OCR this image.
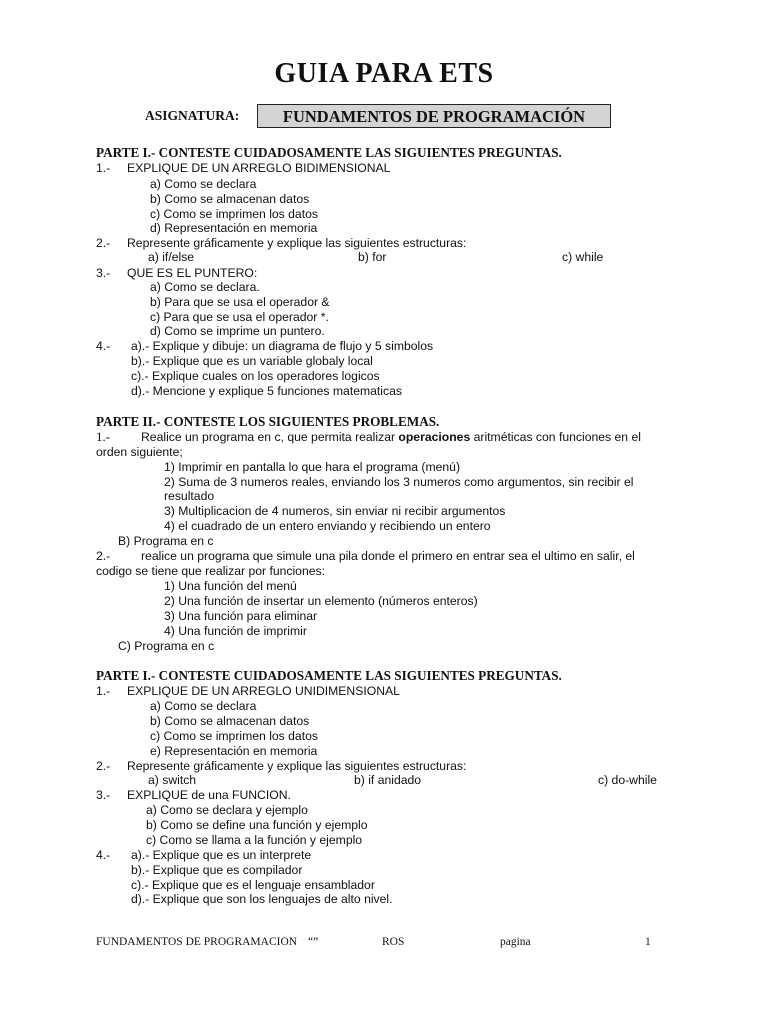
GUIA PARA ETS
ASIGNATURA:	FUNDAMENTOS DE PROGRAMACIÓN
PARTE I.- CONTESTE CUIDADOSAMENTE LAS SIGUIENTES PREGUNTAS.
1.- EXPLIQUE DE UN ARREGLO BIDIMENSIONAL
a) Como se declara
b) Como se almacenan datos
c) Como se imprimen los datos
d) Representación en memoria
2.- Represente gráficamente y explique las siguientes estructuras:
a) if/else	b) for	c) while
3.- QUE ES EL PUNTERO:
a) Como se declara.
b) Para que se usa el operador &
c) Para que se usa el operador *.
d) Como se imprime un puntero.
4.- a).- Explique y dibuje: un diagrama de flujo y 5 simbolos
b).- Explique que es un variable globaly local
c).- Explique cuales on los operadores logicos
d).- Mencione y explique 5 funciones matematicas
PARTE II.- CONTESTE LOS SIGUIENTES PROBLEMAS.
1.-	Realice un programa en c, que permita realizar operaciones aritméticas con funciones en el
orden siguiente;
1) Imprimir en pantalla lo que hara el programa (menú)
2) Suma de 3 numeros reales, enviando los 3 numeros como argumentos, sin recibir el
resultado
3) Multiplicacion de 4 numeros, sin enviar ni recibir argumentos
4) el cuadrado de un entero enviando y recibiendo un entero
B) Programa en c
2.-	realice un programa que simule una pila donde el primero en entrar sea el ultimo en salir, el
codigo se tiene que realizar por funciones:
1) Una función del menú
2) Una función de insertar un elemento (números enteros)
3) Una función para eliminar
4) Una función de imprimir
C) Programa en c
PARTE I.- CONTESTE CUIDADOSAMENTE LAS SIGUIENTES PREGUNTAS.
1.- EXPLIQUE DE UN ARREGLO UNIDIMENSIONAL
a) Como se declara
b) Como se almacenan datos
c) Como se imprimen los datos
e) Representación en memoria
2.- Represente gráficamente y explique las siguientes estructuras:
a) switch	b) if anidado	c) do-while
3.- EXPLIQUE de una FUNCION.
a) Como se declara y ejemplo
b) Como se define una función y ejemplo
c) Como se llama a la función y ejemplo
4.- a).- Explique que es un interprete
b).- Explique que es compilador
c).- Explique que es el lenguaje ensamblador
d).- Explique que son los lenguajes de alto nivel.
FUNDAMENTOS DE PROGRAMACION “”	ROS	pagina	1
